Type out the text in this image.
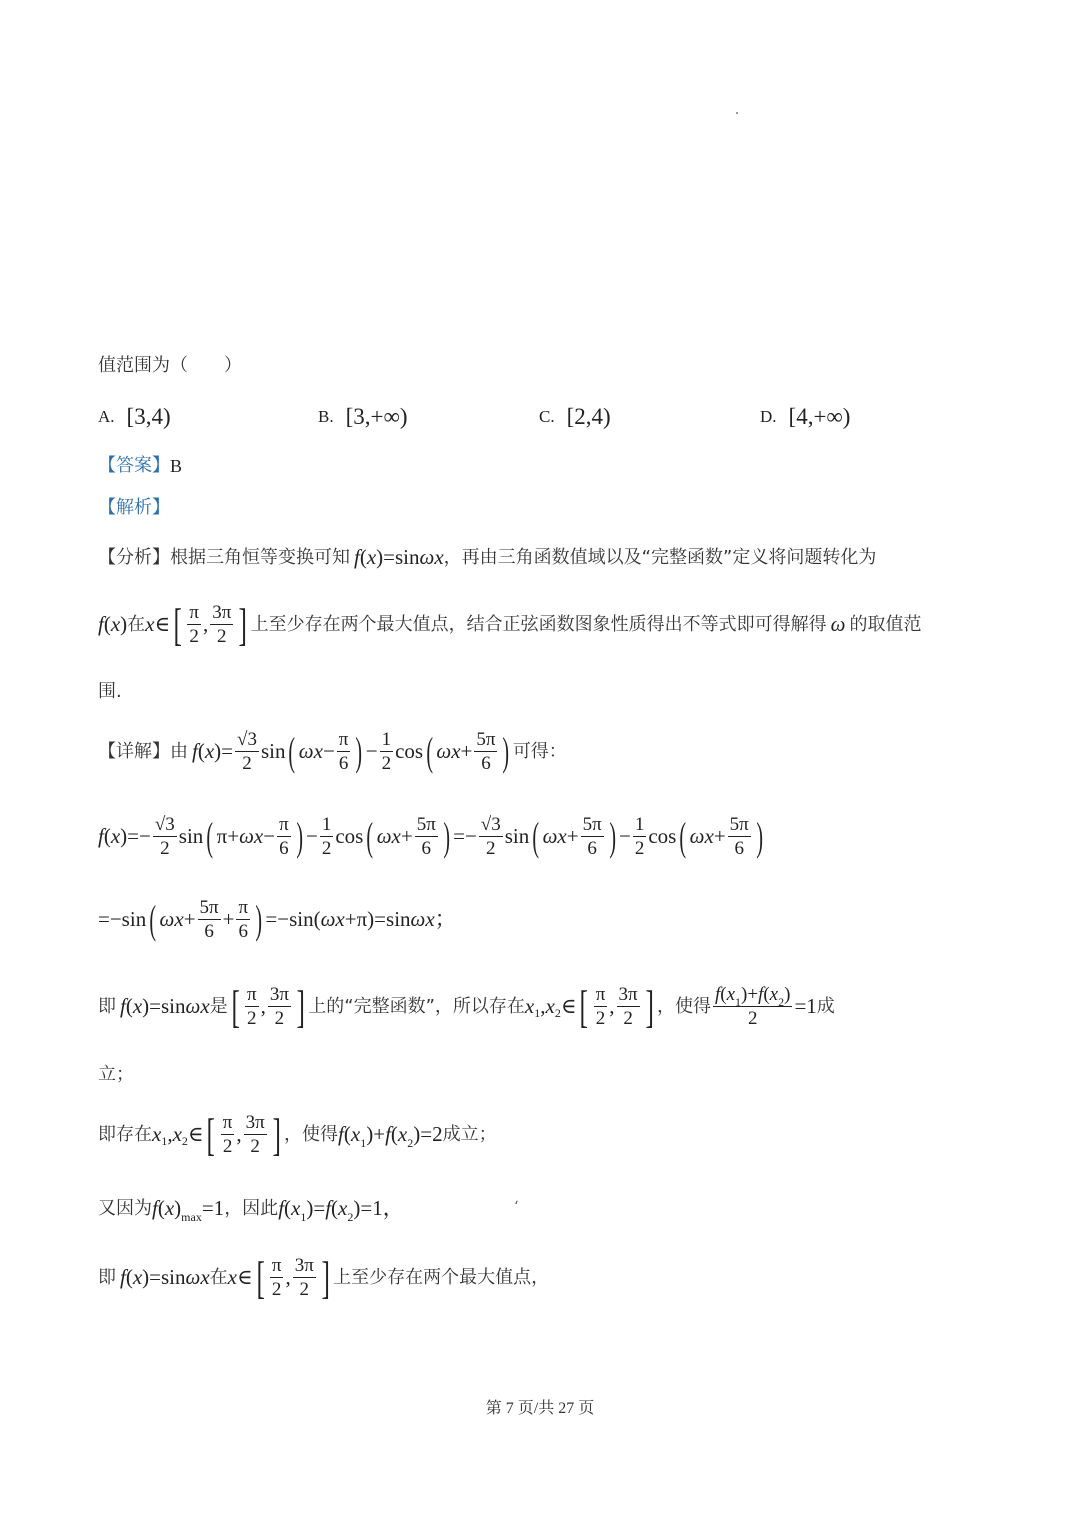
值范围为（　　）
A. [3,4)	B. [3,+∞)	C. [2,4)	D. [4,+∞)
【答案】 B
【解析】
【分析】 根据三角恒等变换可知 f(x)=sinωx ，再由三角函数值域以及“完整函数”定义将问题转化为
f(x) 在 x ∈ [ $\frac{\pi}{2}$ , $\frac{3\pi}{2}$ ] 上至少存在两个最大值点，结合正弦函数图象性质得出不等式即可得解得 ω 的取值范
围.
【详解】 由 f ( x )= $\frac{√3}{2}$ sin ( $\omega x - \frac{\pi}{6}$ ) − $\frac{1}{2}$ cos ( $\omega x + \frac{5\pi}{6}$ ) 可得：
f ( x )=− $\frac{√3}{2}$ sin ( $\pi+ \omega x - \frac{\pi}{6}$ ) − $\frac{1}{2}$ cos ( $\omega x + \frac{5\pi}{6}$ ) =− $\frac{√3}{2}$ sin ( $\omega x + \frac{5\pi}{6}$ ) − $\frac{1}{2}$ cos ( $\omega x + \frac{5\pi}{6}$ )
=−sin ( $\omega x + \frac{5\pi}{6} + \frac{\pi}{6}$ ) =−sin( ωx +π)=sin ωx ；
即 f(x)=sinωx 是 [ $\frac{\pi}{2}$ , $\frac{3\pi}{2}$ ] 上的“完整函数”，所以存在 x 1 , x 2 ∈ [ $\frac{\pi}{2}$ , $\frac{3\pi}{2}$ ] ，使得 $\frac{f(x_1)+f(x_2)}{2} =1$ 成
立；
即存在 x 1 , x 2 ∈ [ $\frac{\pi}{2}$ , $\frac{3\pi}{2}$ ] ，使得 $f(x_1)+f(x_2)=2$ 成立；
又因为 $f(x)_{max}=1$ ，因此 $f(x_1)=f(x_2)=1$，	‘
即 f(x)=sinωx 在 x ∈ [ $\frac{\pi}{2}$ , $\frac{3\pi}{2}$ ] 上至少存在两个最大值点，
第 7 页/共 27 页
